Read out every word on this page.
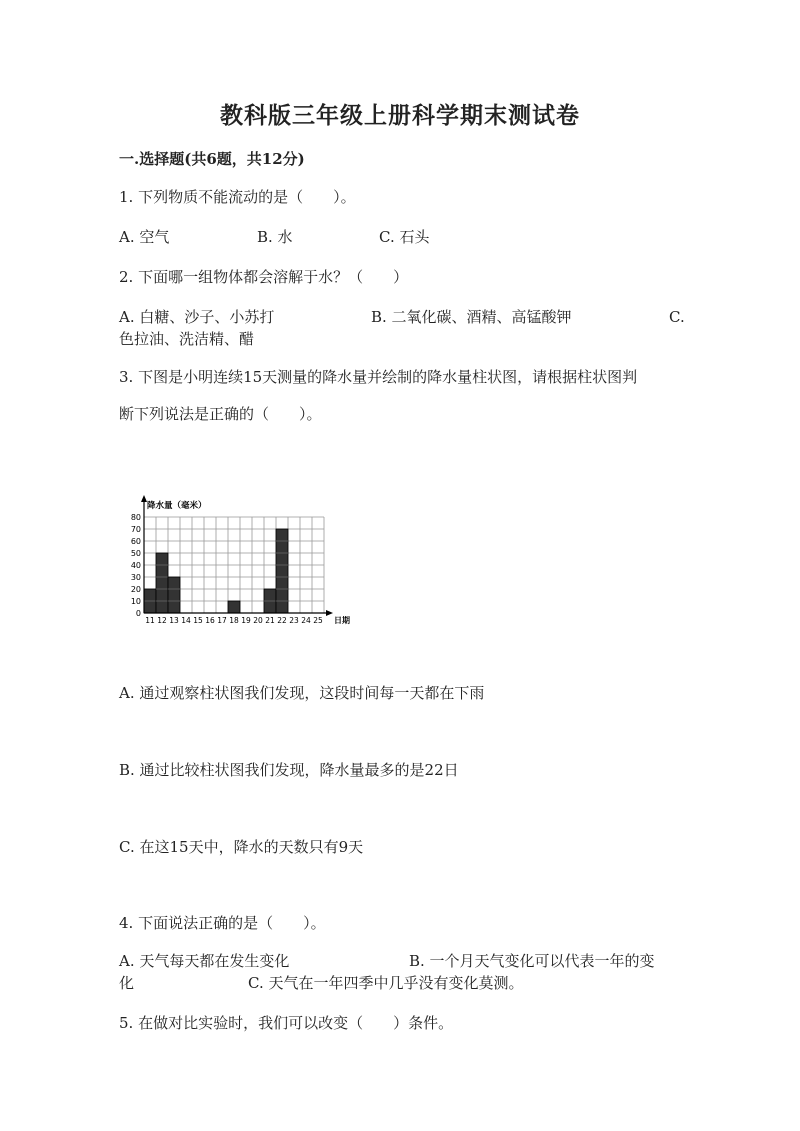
教科版三年级上册科学期末测试卷
一.选择题(共6题，共12分)
1. 下列物质不能流动的是（　　）。
A. 空气	B. 水	C. 石头
2. 下面哪一组物体都会溶解于水？（　　）
A. 白糖、沙子、小苏打	B. 二氧化碳、酒精、高锰酸钾	C.
色拉油、洗洁精、醋
3. 下图是小明连续15天测量的降水量并绘制的降水量柱状图，请根据柱状图判
断下列说法是正确的（　　）。
0
10
20
30
40
50
60
70
80
11 12 13 14 15 16 17 18 19 20 21 22 23 24 25
降水量（毫米）
日期
A. 通过观察柱状图我们发现，这段时间每一天都在下雨
B. 通过比较柱状图我们发现，降水量最多的是22日
C. 在这15天中，降水的天数只有9天
4. 下面说法正确的是（　　）。
A. 天气每天都在发生变化	B. 一个月天气变化可以代表一年的变
化	C. 天气在一年四季中几乎没有变化莫测。
5. 在做对比实验时，我们可以改变（　　）条件。
